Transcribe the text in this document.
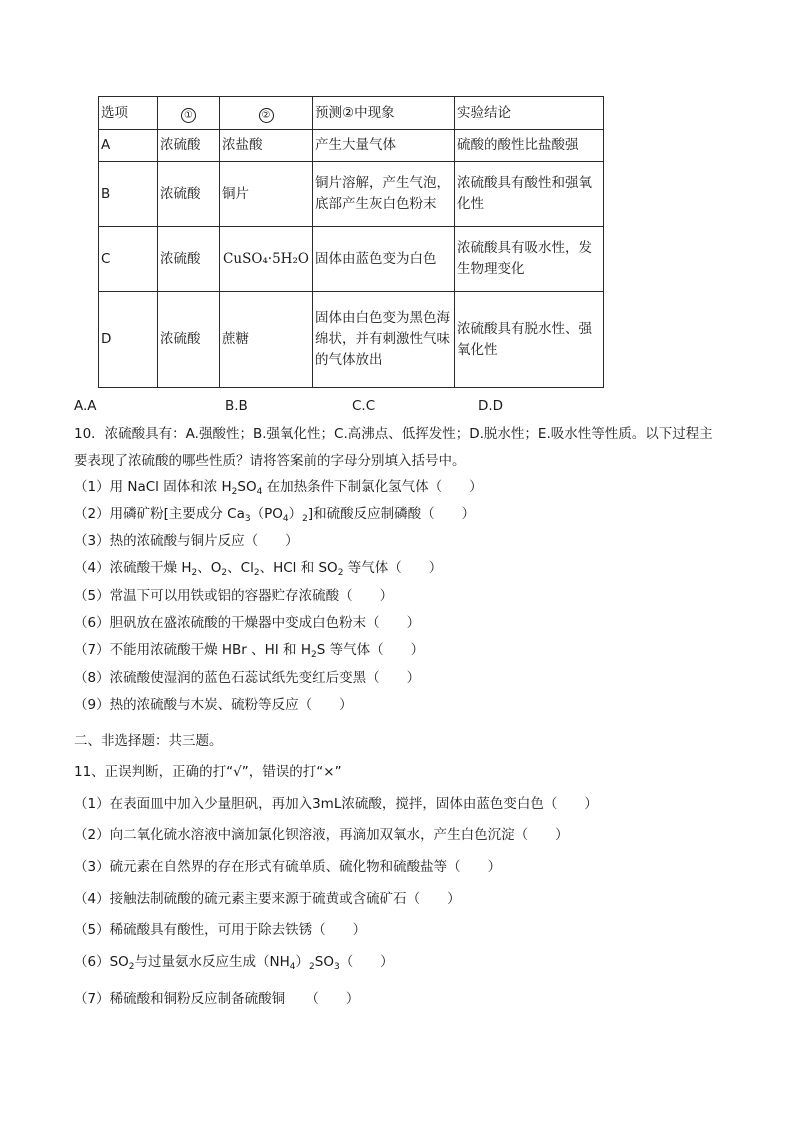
选项	①	②	预测②中现象	实验结论
A	浓硫酸	浓盐酸	产生大量气体	硫酸的酸性比盐酸强
B	浓硫酸	铜片	铜片溶解，产生气泡，底部产生灰白色粉末	浓硫酸具有酸性和强氧化性
C	浓硫酸	CuSO₄·5H₂O	固体由蓝色变为白色	浓硫酸具有吸水性，发生物理变化
D	浓硫酸	蔗糖	固体由白色变为黑色海绵状，并有刺激性气味的气体放出	浓硫酸具有脱水性、强氧化性
A.A	B.B	C.C	D.D
10．浓硫酸具有：A.强酸性；B.强氧化性；C.高沸点、低挥发性；D.脱水性；E.吸水性等性质。以下过程主
要表现了浓硫酸的哪些性质？请将答案前的字母分别填入括号中。
（1）用 NaCl 固体和浓 $H_2SO_4$ 在加热条件下制氯化氢气体（　　）
（2）用磷矿粉[主要成分 $Ca_3(PO_4)_2$]和硫酸反应制磷酸（　　）
（3）热的浓硫酸与铜片反应（　　）
（4）浓硫酸干燥 $H_2$、$O_2$、$Cl_2$、HCl 和 $SO_2$ 等气体（　　）
（5）常温下可以用铁或铝的容器贮存浓硫酸（　　）
（6）胆矾放在盛浓硫酸的干燥器中变成白色粉末（　　）
（7）不能用浓硫酸干燥 HBr 、HI 和 $H_2S$ 等气体（　　）
（8）浓硫酸使湿润的蓝色石蕊试纸先变红后变黑（　　）
（9）热的浓硫酸与木炭、硫粉等反应（　　）
二、非选择题：共三题。
11、正误判断，正确的打“√”，错误的打“×”
（1）在表面皿中加入少量胆矾，再加入3mL浓硫酸，搅拌，固体由蓝色变白色（　　）
（2）向二氧化硫水溶液中滴加氯化钡溶液，再滴加双氧水，产生白色沉淀（　　）
（3）硫元素在自然界的存在形式有硫单质、硫化物和硫酸盐等（　　）
（4）接触法制硫酸的硫元素主要来源于硫黄或含硫矿石（　　）
（5）稀硫酸具有酸性，可用于除去铁锈（　　）
$(6)SO_2$与过量氨水反应生成$(NH_4)_2SO_3$（　　）
（7）稀硫酸和铜粉反应制备硫酸铜　　（　　）
